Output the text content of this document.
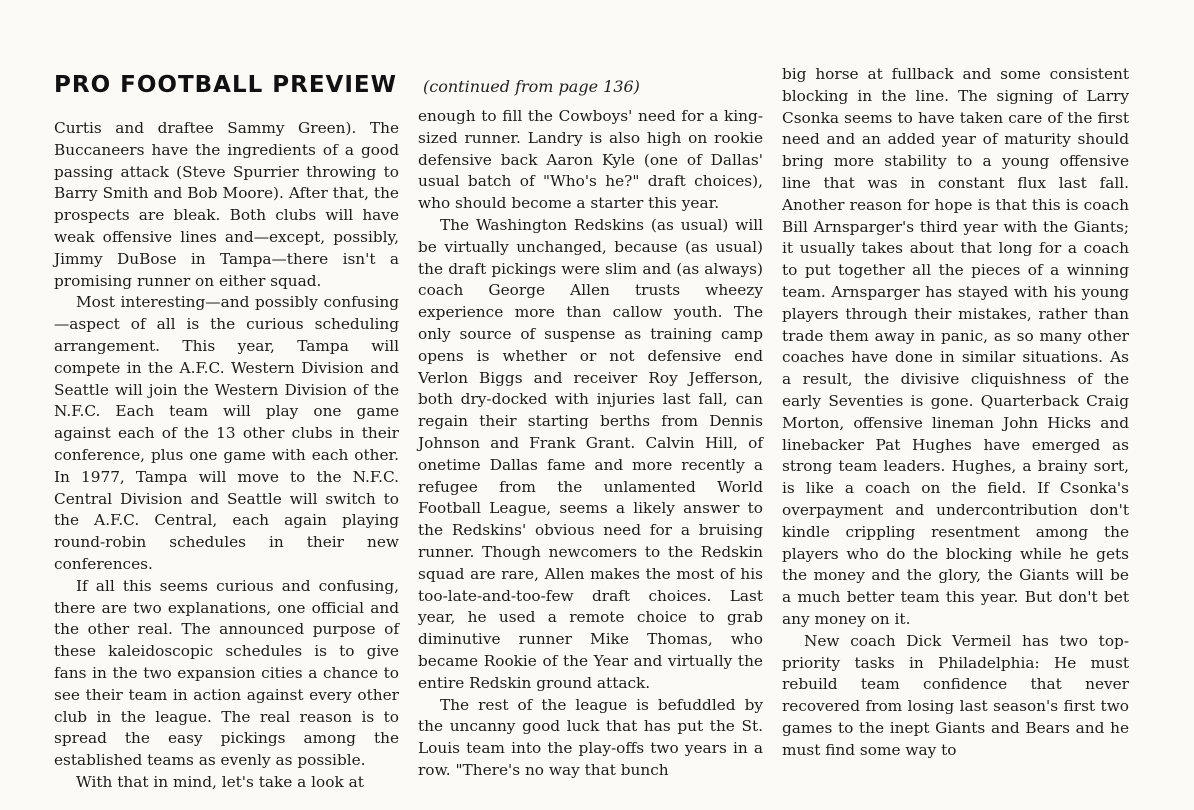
PRO FOOTBALL PREVIEW (continued from page 136)

Curtis and draftee Sammy Green). The Buccaneers have the ingredients of a good passing attack (Steve Spurrier throwing to Barry Smith and Bob Moore). After that, the prospects are bleak. Both clubs will have weak offensive lines and—except, possibly, Jimmy DuBose in Tampa—there isn't a promising runner on either squad.

Most interesting—and possibly confusing—aspect of all is the curious scheduling arrangement. This year, Tampa will compete in the A.F.C. Western Division and Seattle will join the Western Division of the N.F.C. Each team will play one game against each of the 13 other clubs in their conference, plus one game with each other. In 1977, Tampa will move to the N.F.C. Central Division and Seattle will switch to the A.F.C. Central, each again playing round-robin schedules in their new conferences.

If all this seems curious and confusing, there are two explanations, one official and the other real. The announced purpose of these kaleidoscopic schedules is to give fans in the two expansion cities a chance to see their team in action against every other club in the league. The real reason is to spread the easy pickings among the established teams as evenly as possible.

With that in mind, let's take a look at

enough to fill the Cowboys' need for a king-sized runner. Landry is also high on rookie defensive back Aaron Kyle (one of Dallas' usual batch of "Who's he?" draft choices), who should become a starter this year.

The Washington Redskins (as usual) will be virtually unchanged, because (as usual) the draft pickings were slim and (as always) coach George Allen trusts wheezy experience more than callow youth. The only source of suspense as training camp opens is whether or not defensive end Verlon Biggs and receiver Roy Jefferson, both dry-docked with injuries last fall, can regain their starting berths from Dennis Johnson and Frank Grant. Calvin Hill, of onetime Dallas fame and more recently a refugee from the unlamented World Football League, seems a likely answer to the Redskins' obvious need for a bruising runner. Though newcomers to the Redskin squad are rare, Allen makes the most of his too-late-and-too-few draft choices. Last year, he used a remote choice to grab diminutive runner Mike Thomas, who became Rookie of the Year and virtually the entire Redskin ground attack.

The rest of the league is befuddled by the uncanny good luck that has put the St. Louis team into the play-offs two years in a row. "There's no way that bunch

big horse at fullback and some consistent blocking in the line. The signing of Larry Csonka seems to have taken care of the first need and an added year of maturity should bring more stability to a young offensive line that was in constant flux last fall. Another reason for hope is that this is coach Bill Arnsparger's third year with the Giants; it usually takes about that long for a coach to put together all the pieces of a winning team. Arnsparger has stayed with his young players through their mistakes, rather than trade them away in panic, as so many other coaches have done in similar situations. As a result, the divisive cliquishness of the early Seventies is gone. Quarterback Craig Morton, offensive lineman John Hicks and linebacker Pat Hughes have emerged as strong team leaders. Hughes, a brainy sort, is like a coach on the field. If Csonka's overpayment and undercontribution don't kindle crippling resentment among the players who do the blocking while he gets the money and the glory, the Giants will be a much better team this year. But don't bet any money on it.

New coach Dick Vermeil has two top-priority tasks in Philadelphia: He must rebuild team confidence that never recovered from losing last season's first two games to the inept Giants and Bears and he must find some way to
